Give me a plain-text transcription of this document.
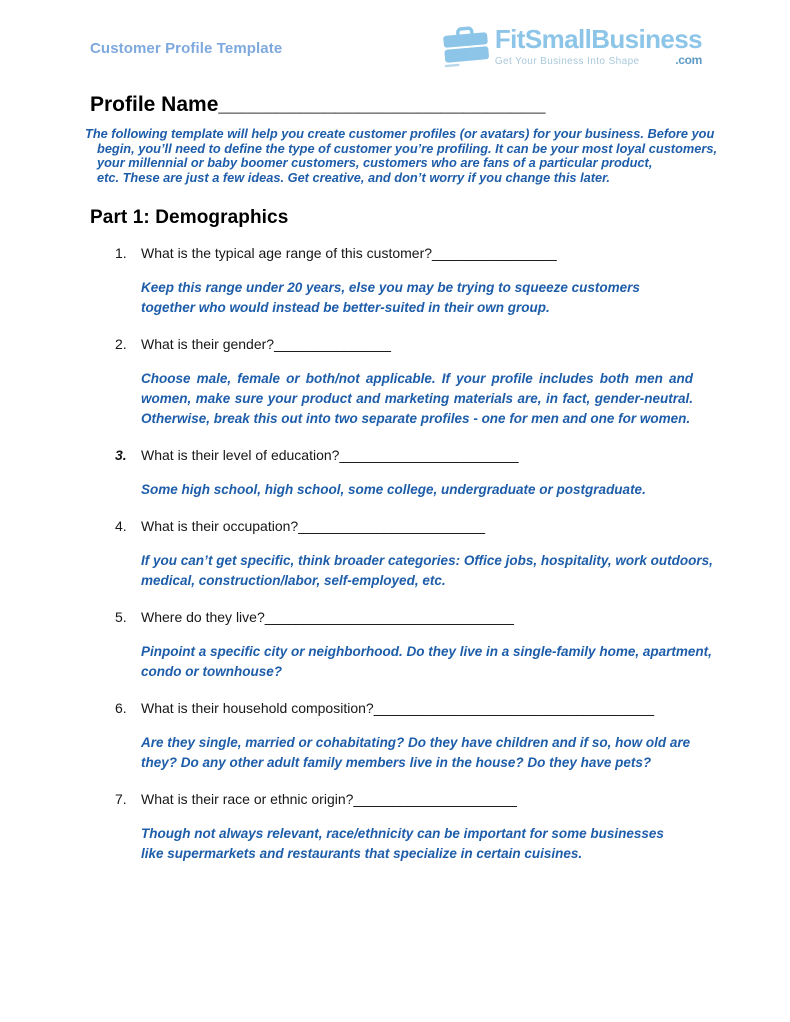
Customer Profile Template	FitSmallBusiness
Get Your Business Into Shape	.com
Profile Name____________________________
The following template will help you create customer profiles (or avatars) for your business. Before you
begin, you’ll need to define the type of customer you’re profiling. It can be your most loyal customers,
your millennial or baby boomer customers, customers who are fans of a particular product,
etc. These are just a few ideas. Get creative, and don’t worry if you change this later.
Part 1: Demographics
1.	What is the typical age range of this customer? ________________
Keep this range under 20 years, else you may be trying to squeeze customers
together who would instead be better-suited in their own group.
2.	What is their gender? _______________
Choose male, female or both/not applicable. If your profile includes both men and
women, make sure your product and marketing materials are, in fact, gender-neutral.
Otherwise, break this out into two separate profiles - one for men and one for women.
3.	What is their level of education? _______________________
Some high school, high school, some college, undergraduate or postgraduate.
4.	What is their occupation? ________________________
If you can’t get specific, think broader categories: Office jobs, hospitality, work outdoors,
medical, construction/labor, self-employed, etc.
5.	Where do they live? ________________________________
Pinpoint a specific city or neighborhood. Do they live in a single-family home, apartment,
condo or townhouse?
6.	What is their household composition? ____________________________________
Are they single, married or cohabitating? Do they have children and if so, how old are
they? Do any other adult family members live in the house? Do they have pets?
7.	What is their race or ethnic origin? _____________________
Though not always relevant, race/ethnicity can be important for some businesses
like supermarkets and restaurants that specialize in certain cuisines.
